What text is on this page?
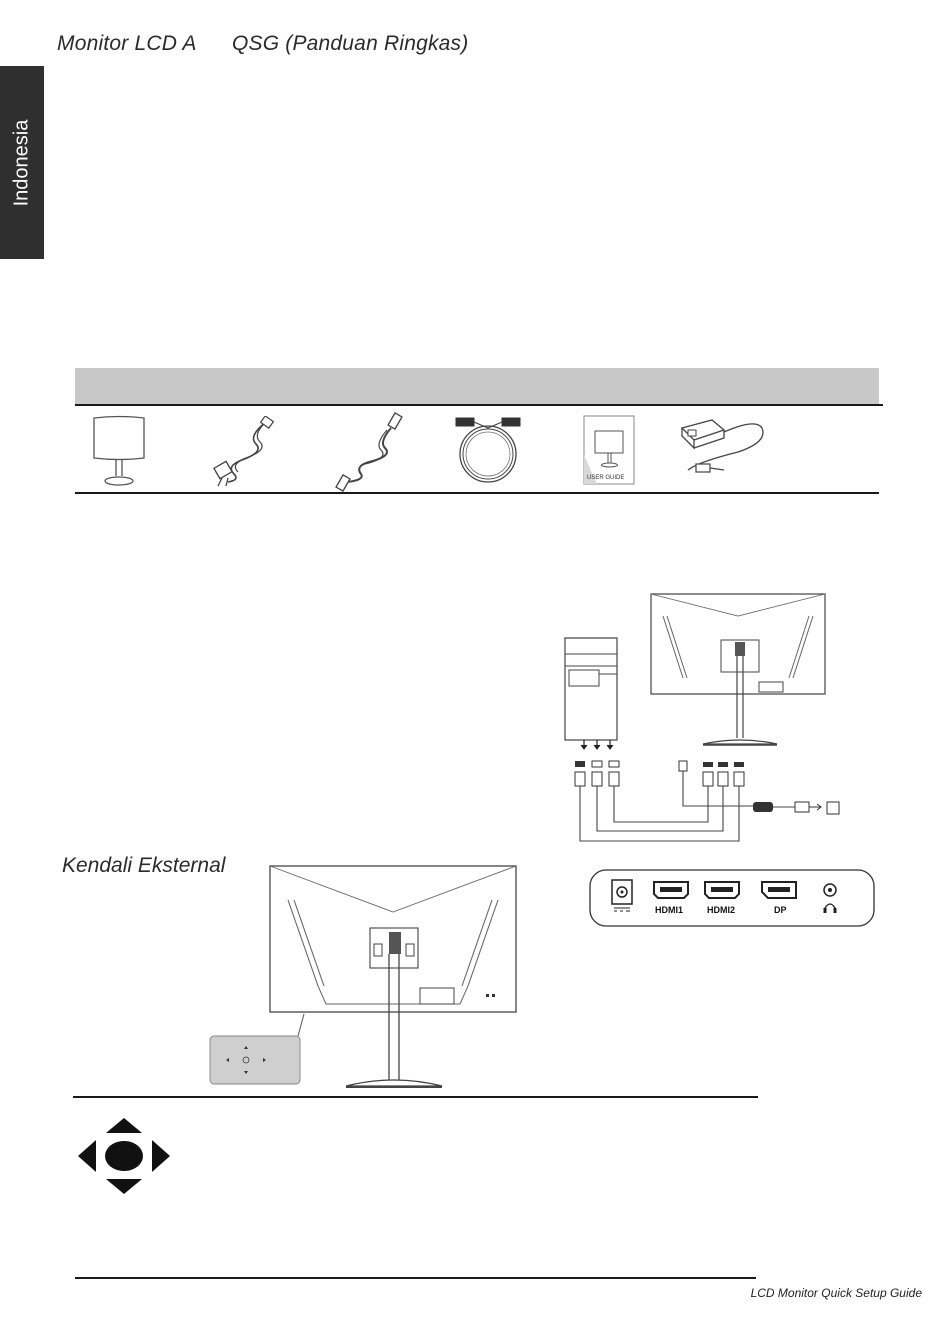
Monitor LCD A      QSG (Panduan Ringkas)
Indonesia
USER GUIDE
Kendali Eksternal
HDMI1	HDMI2	DP
LCD Monitor Quick Setup Guide
